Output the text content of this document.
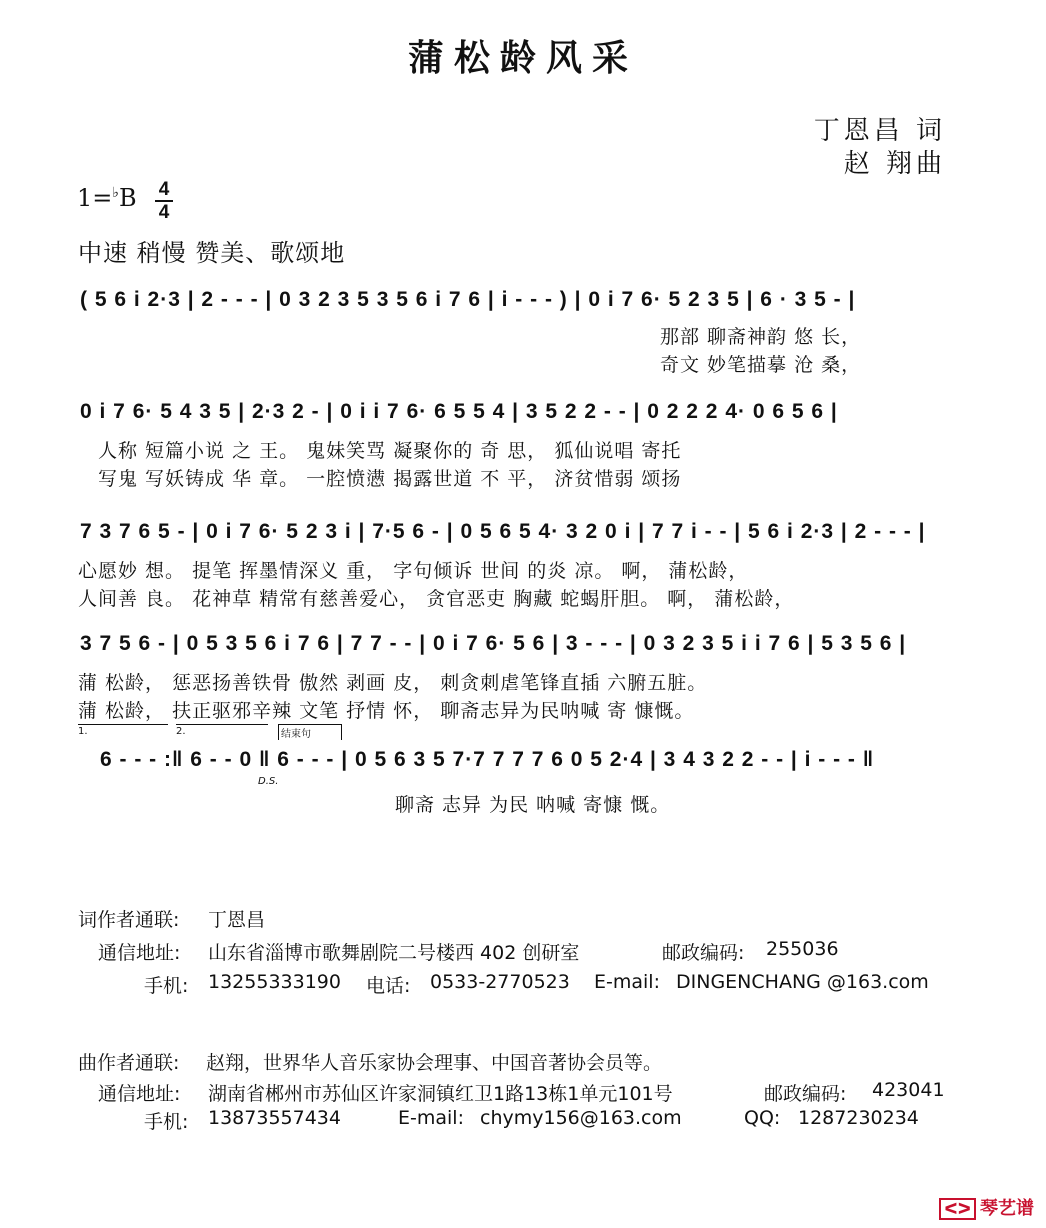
蒲松龄风采
丁恩昌 词
赵 翔曲
1=♭B 4
4
中速 稍慢 赞美、歌颂地
( 5 6 i 2·3 | 2 - - - | 0 3 2 3 5 3 5 6 i 7 6 | i - - - ) | 0 i 7 6· 5 2 3 5 | 6 · 3 5 - |
那部 聊斋神韵 悠 长，
奇文 妙笔描摹 沧 桑，
0 i 7 6· 5 4 3 5 | 2·3 2 - | 0 i i 7 6· 6 5 5 4 | 3 5 2 2 - - | 0 2 2 2 4· 0 6 5 6 |
人称 短篇小说 之 王。 鬼妹笑骂 凝聚你的 奇 思， 狐仙说唱 寄托
写鬼 写妖铸成 华 章。 一腔愤懑 揭露世道 不 平， 济贫惜弱 颂扬
7 3 7 6 5 - | 0 i 7 6· 5 2 3 i | 7·5 6 - | 0 5 6 5 4· 3 2 0 i | 7 7 i - - | 5 6 i 2·3 | 2 - - - |
心愿妙 想。 提笔 挥墨情深义 重， 字句倾诉 世间 的炎 凉。 啊， 蒲松龄，
人间善 良。 花神草 精常有慈善爱心， 贪官恶吏 胸藏 蛇蝎肝胆。 啊， 蒲松龄，
3 7 5 6 - | 0 5 3 5 6 i 7 6 | 7 7 - - | 0 i 7 6· 5 6 | 3 - - - | 0 3 2 3 5 i i 7 6 | 5 3 5 6 |
蒲 松龄， 惩恶扬善铁骨 傲然 剥画 皮， 刺贪刺虐笔锋直插 六腑五脏。
蒲 松龄， 扶正驱邪辛辣 文笔 抒情 怀， 聊斋志异为民呐喊 寄 慷慨。
1.	2.	结束句
6 - - - :‖ 6 - - 0 ‖ 6 - - - | 0 5 6 3 5 7·7 7 7 7 6 0 5 2·4 | 3 4 3 2 2 - - | i - - - ‖
D.S.
聊斋 志异 为民 呐喊 寄慷 慨。
词作者通联: 丁恩昌
通信地址: 山东省淄博市歌舞剧院二号楼西 402 创研室	邮政编码: 255036
手机: 13255333190 电话: 0533-2770523 E-mail: DINGENCHANG @163.com
曲作者通联: 赵翔，世界华人音乐家协会理事、中国音著协会员等。
通信地址: 湖南省郴州市苏仙区许家洞镇红卫1路13栋1单元101号	邮政编码: 423041
手机: 13873557434	E-mail: chymy156@163.com	QQ: 1287230234
ᐸᐳ 琴艺谱
